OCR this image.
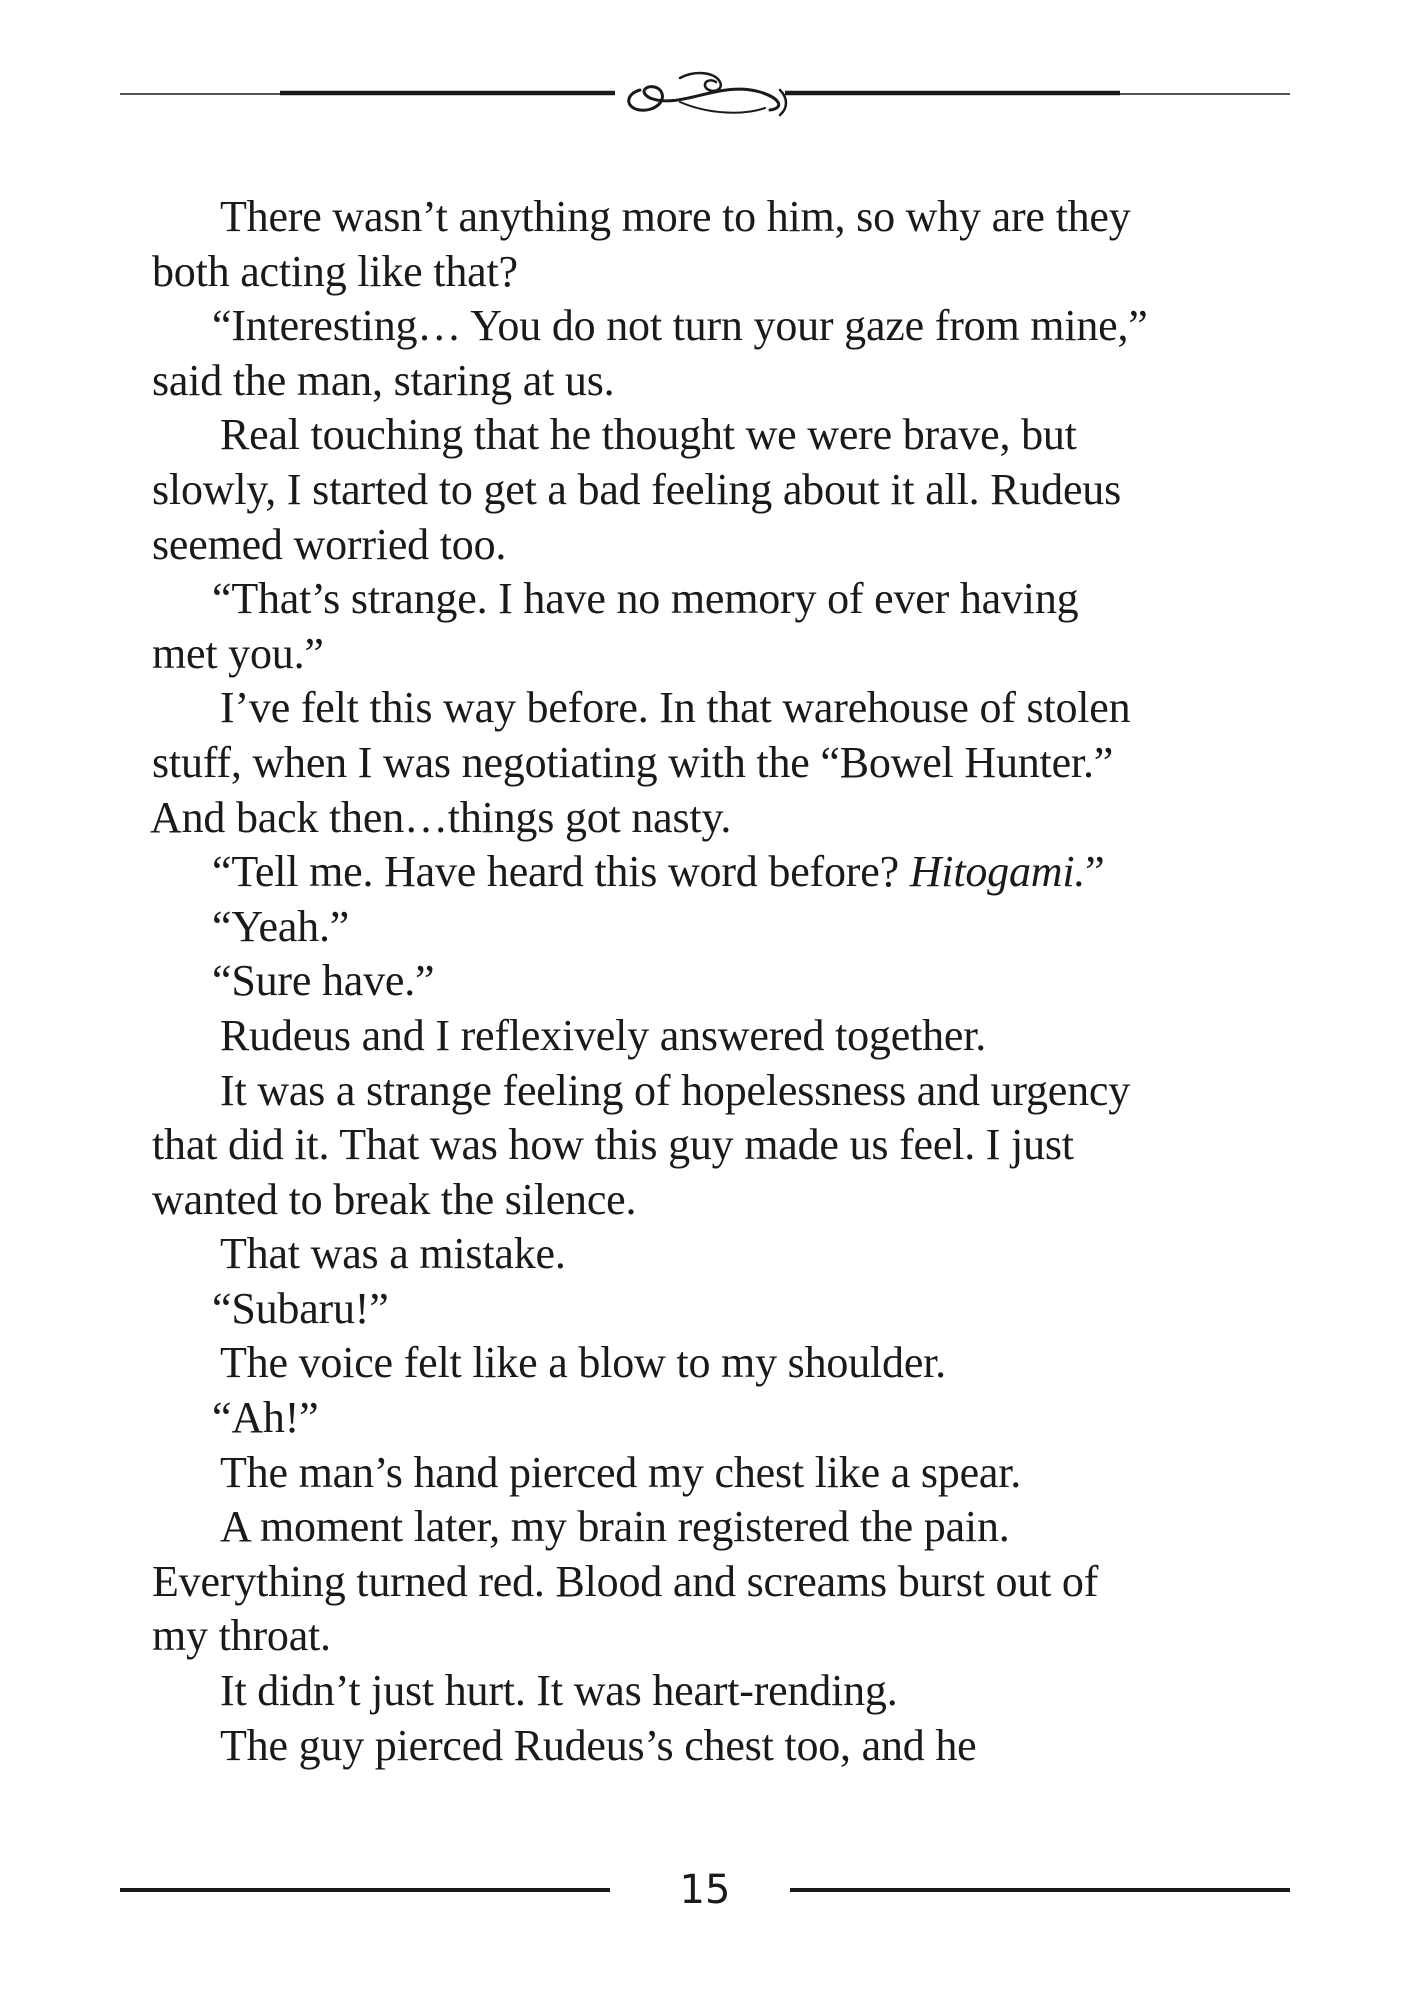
There wasn’t anything more to him, so why are they
both acting like that?
“Interesting… You do not turn your gaze from mine,”
said the man, staring at us.
Real touching that he thought we were brave, but
slowly, I started to get a bad feeling about it all. Rudeus
seemed worried too.
“That’s strange. I have no memory of ever having
met you.”
I’ve felt this way before. In that warehouse of stolen
stuff, when I was negotiating with the “Bowel Hunter.”
And back then…things got nasty.
“Tell me. Have heard this word before? Hitogami.”
“Yeah.”
“Sure have.”
Rudeus and I reflexively answered together.
It was a strange feeling of hopelessness and urgency
that did it. That was how this guy made us feel. I just
wanted to break the silence.
That was a mistake.
“Subaru!”
The voice felt like a blow to my shoulder.
“Ah!”
The man’s hand pierced my chest like a spear.
A moment later, my brain registered the pain.
Everything turned red. Blood and screams burst out of
my throat.
It didn’t just hurt. It was heart-rending.
The guy pierced Rudeus’s chest too, and he
15
